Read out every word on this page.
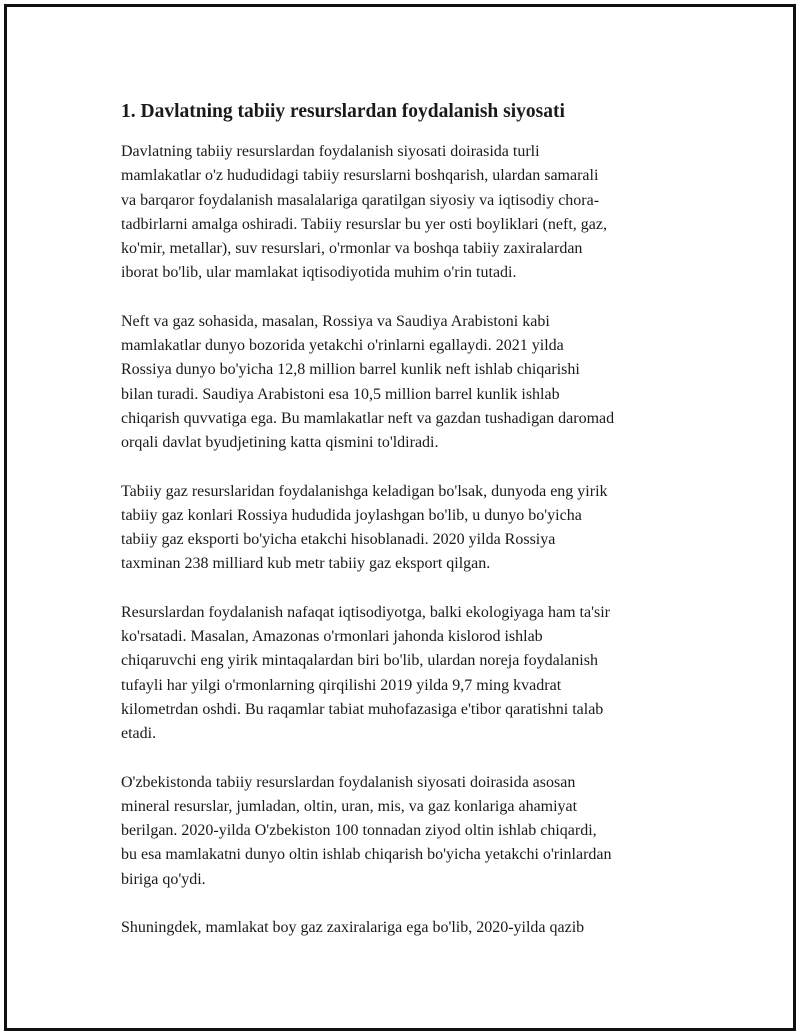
1. Davlatning tabiiy resurslardan foydalanish siyosati
Davlatning tabiiy resurslardan foydalanish siyosati doirasida turli
mamlakatlar o'z hududidagi tabiiy resurslarni boshqarish, ulardan samarali
va barqaror foydalanish masalalariga qaratilgan siyosiy va iqtisodiy chora-
tadbirlarni amalga oshiradi. Tabiiy resurslar bu yer osti boyliklari (neft, gaz,
ko'mir, metallar), suv resurslari, o'rmonlar va boshqa tabiiy zaxiralardan
iborat bo'lib, ular mamlakat iqtisodiyotida muhim o'rin tutadi.
Neft va gaz sohasida, masalan, Rossiya va Saudiya Arabistoni kabi
mamlakatlar dunyo bozorida yetakchi o'rinlarni egallaydi. 2021 yilda
Rossiya dunyo bo'yicha 12,8 million barrel kunlik neft ishlab chiqarishi
bilan turadi. Saudiya Arabistoni esa 10,5 million barrel kunlik ishlab
chiqarish quvvatiga ega. Bu mamlakatlar neft va gazdan tushadigan daromad
orqali davlat byudjetining katta qismini to'ldiradi.
Tabiiy gaz resurslaridan foydalanishga keladigan bo'lsak, dunyoda eng yirik
tabiiy gaz konlari Rossiya hududida joylashgan bo'lib, u dunyo bo'yicha
tabiiy gaz eksporti bo'yicha etakchi hisoblanadi. 2020 yilda Rossiya
taxminan 238 milliard kub metr tabiiy gaz eksport qilgan.
Resurslardan foydalanish nafaqat iqtisodiyotga, balki ekologiyaga ham ta'sir
ko'rsatadi. Masalan, Amazonas o'rmonlari jahonda kislorod ishlab
chiqaruvchi eng yirik mintaqalardan biri bo'lib, ulardan noreja foydalanish
tufayli har yilgi o'rmonlarning qirqilishi 2019 yilda 9,7 ming kvadrat
kilometrdan oshdi. Bu raqamlar tabiat muhofazasiga e'tibor qaratishni talab
etadi.
O'zbekistonda tabiiy resurslardan foydalanish siyosati doirasida asosan
mineral resurslar, jumladan, oltin, uran, mis, va gaz konlariga ahamiyat
berilgan. 2020-yilda O'zbekiston 100 tonnadan ziyod oltin ishlab chiqardi,
bu esa mamlakatni dunyo oltin ishlab chiqarish bo'yicha yetakchi o'rinlardan
biriga qo'ydi.
Shuningdek, mamlakat boy gaz zaxiralariga ega bo'lib, 2020-yilda qazib
